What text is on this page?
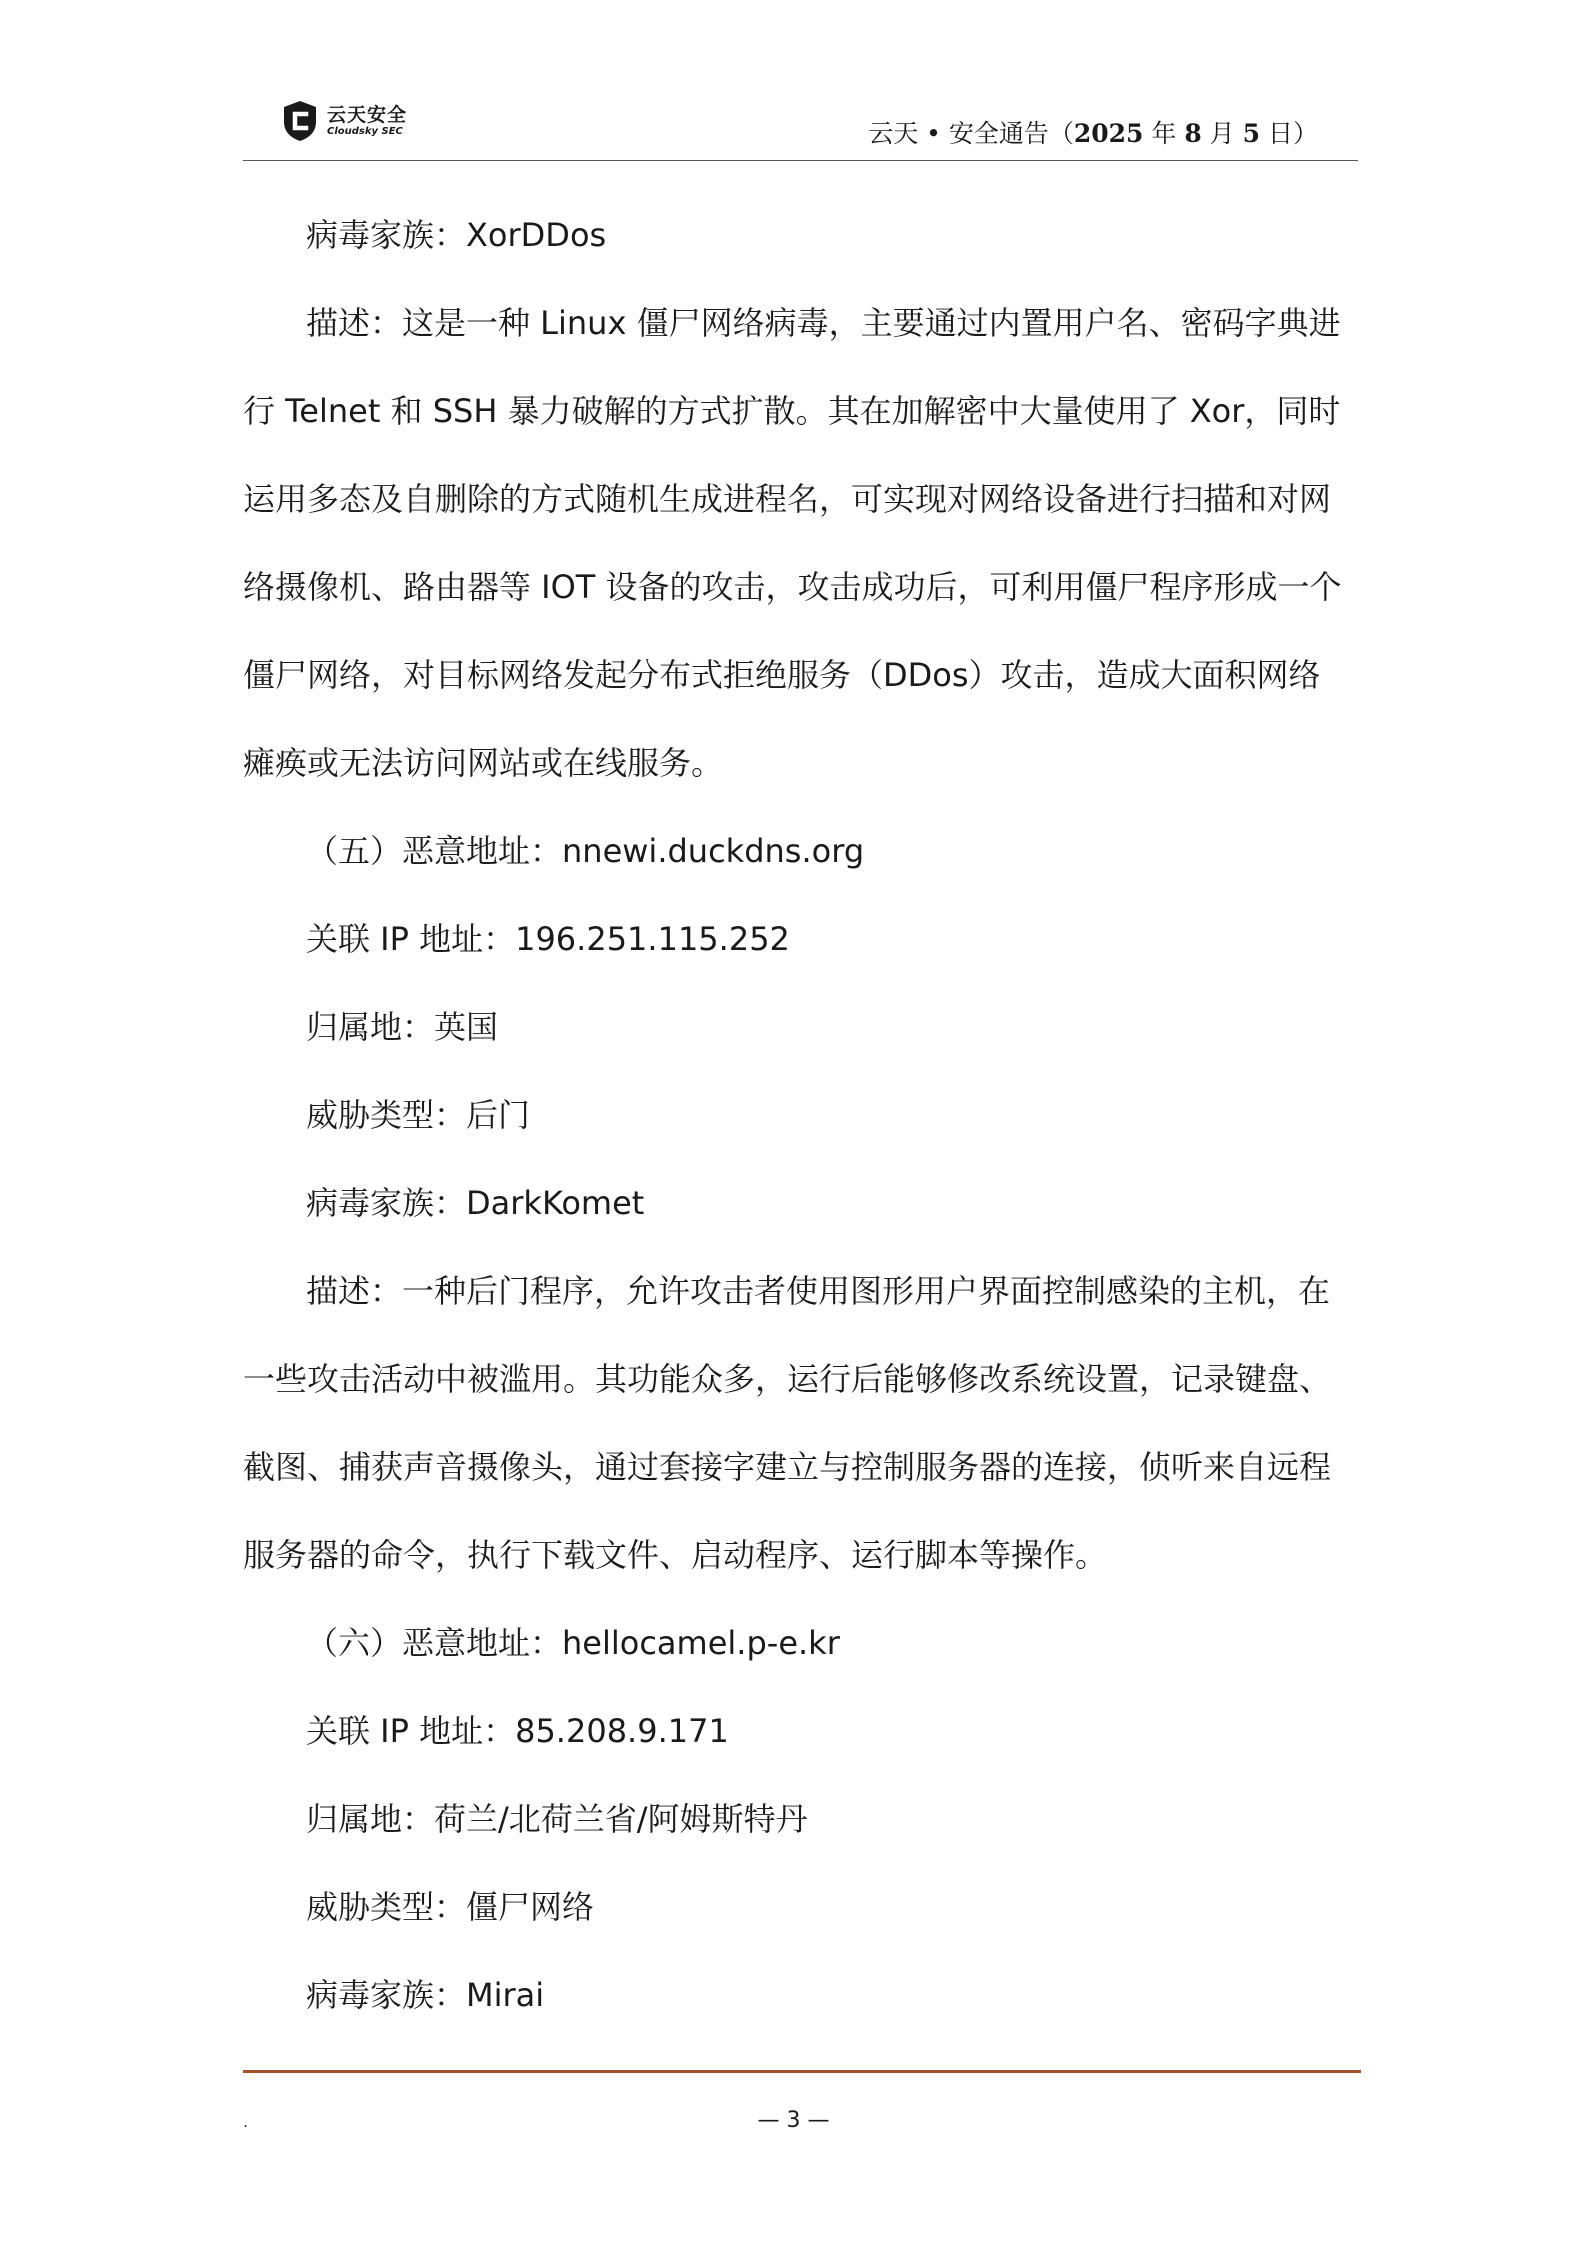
云天安全
Cloudsky SEC	云天 • 安全通告（2025 年 8 月 5 日）
病毒家族：XorDDos
描述：这是一种 Linux 僵尸网络病毒，主要通过内置用户名、密码字典进
行 Telnet 和 SSH 暴力破解的方式扩散。其在加解密中大量使用了 Xor，同时
运用多态及自删除的方式随机生成进程名，可实现对网络设备进行扫描和对网
络摄像机、路由器等 IOT 设备的攻击，攻击成功后，可利用僵尸程序形成一个
僵尸网络，对目标网络发起分布式拒绝服务（DDos）攻击，造成大面积网络
瘫痪或无法访问网站或在线服务。
（五）恶意地址：nnewi.duckdns.org
关联 IP 地址：196.251.115.252
归属地：英国
威胁类型：后门
病毒家族：DarkKomet
描述：一种后门程序，允许攻击者使用图形用户界面控制感染的主机，在
一些攻击活动中被滥用。其功能众多，运行后能够修改系统设置，记录键盘、
截图、捕获声音摄像头，通过套接字建立与控制服务器的连接，侦听来自远程
服务器的命令，执行下载文件、启动程序、运行脚本等操作。
（六）恶意地址：hellocamel.p-e.kr
关联 IP 地址：85.208.9.171
归属地：荷兰/北荷兰省/阿姆斯特丹
威胁类型：僵尸网络
病毒家族：Mirai
.	— 3 —
